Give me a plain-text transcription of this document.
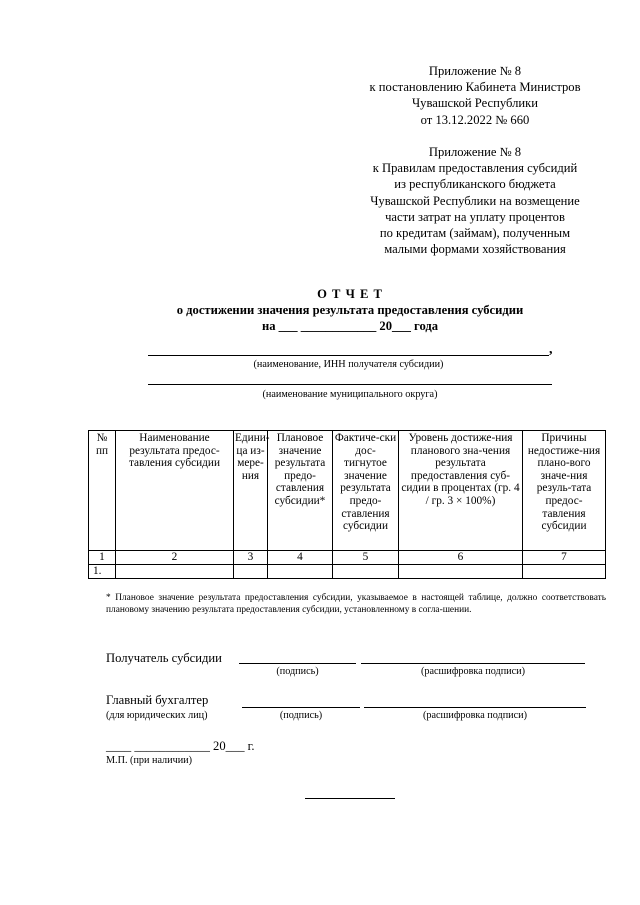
Приложение № 8
к постановлению Кабинета Министров
Чувашской Республики
от 13.12.2022 № 660
Приложение № 8
к Правилам предоставления субсидий
из республиканского бюджета
Чувашской Республики на возмещение
части затрат на уплату процентов
по кредитам (займам), полученным
малыми формами хозяйствования
О Т Ч Е Т
о достижении значения результата предоставления субсидии
на ___ ____________ 20___ года
,
(наименование, ИНН получателя субсидии)
(наименование муниципального округа)
№ пп	Наименование результата предос-тавления субсидии	Едини-ца из-мере-ния	Плановое значение результата предо-ставления субсидии*	Фактиче-ски дос-тигнутое значение результата предо-ставления субсидии	Уровень достиже-ния планового зна-чения результата предоставления суб-сидии в процентах (гр. 4 / гр. 3 × 100%)	Причины недостиже-ния плано-вого значе-ния резуль-тата предос-тавления субсидии
1	2	3	4	5	6	7
1.						
* Плановое значение результата предоставления субсидии, указываемое в настоящей таблице, должно соответствовать плановому значению результата предоставления субсидии, установленному в согла-шении.
Получатель субсидии
(подпись)	(расшифровка подписи)
Главный бухгалтер
(для юридических лиц)	(подпись)	(расшифровка подписи)
____ ____________ 20___ г.
М.П. (при наличии)
